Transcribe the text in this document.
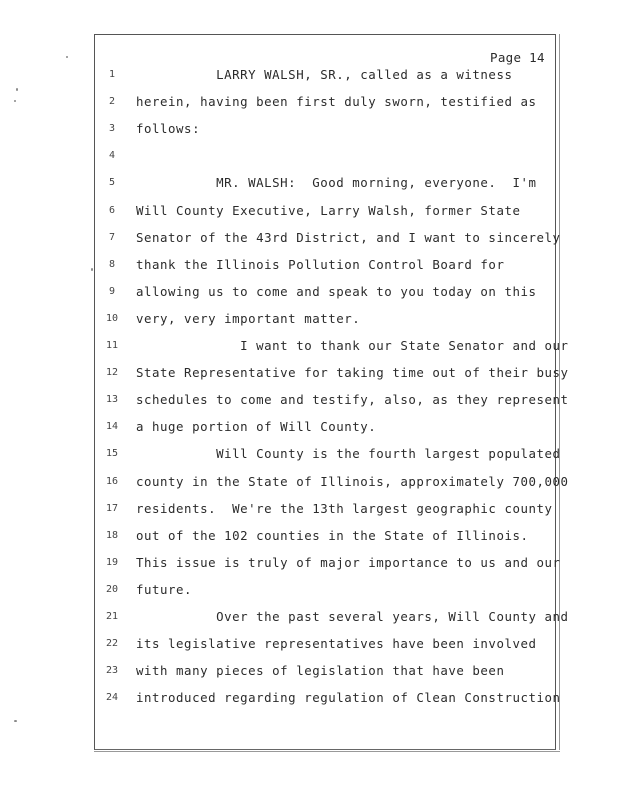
Page 14
1	LARRY WALSH, SR., called as a witness
2	herein, having been first duly sworn, testified as
3	follows:
4
5	MR. WALSH:  Good morning, everyone.  I'm
6	Will County Executive, Larry Walsh, former State
7	Senator of the 43rd District, and I want to sincerely
8	thank the Illinois Pollution Control Board for
9	allowing us to come and speak to you today on this
10	very, very important matter.
11	I want to thank our State Senator and our
12	State Representative for taking time out of their busy
13	schedules to come and testify, also, as they represent
14	a huge portion of Will County.
15	Will County is the fourth largest populated
16	county in the State of Illinois, approximately 700,000
17	residents.  We're the 13th largest geographic county
18	out of the 102 counties in the State of Illinois.
19	This issue is truly of major importance to us and our
20	future.
21	Over the past several years, Will County and
22	its legislative representatives have been involved
23	with many pieces of legislation that have been
24	introduced regarding regulation of Clean Construction
